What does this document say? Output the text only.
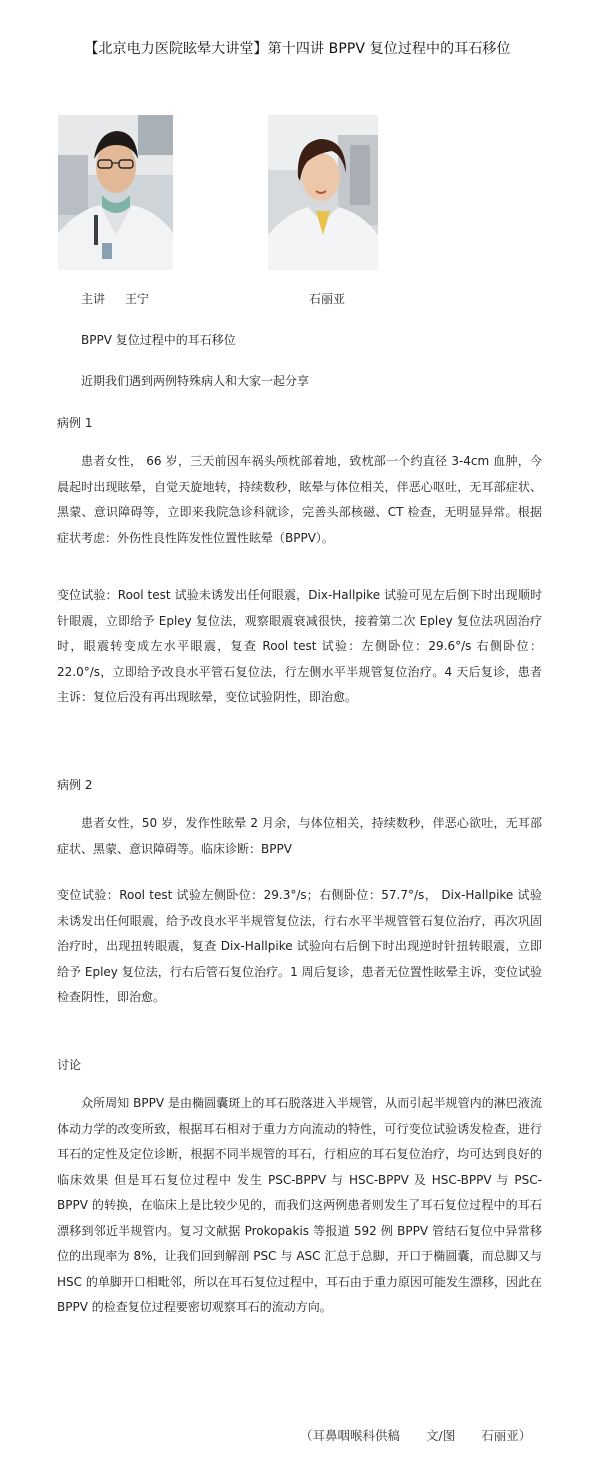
【北京电力医院眩晕大讲堂】第十四讲 BPPV 复位过程中的耳石移位
主讲 王宁	石丽亚
BPPV 复位过程中的耳石移位
近期我们遇到两例特殊病人和大家一起分享
病例 1
患者女性， 66 岁，三天前因车祸头颅枕部着地，致枕部一个约直径 3-4cm 血肿，今晨起时出现眩晕，自觉天旋地转，持续数秒，眩晕与体位相关，伴恶心呕吐，无耳部症状、黑蒙、意识障碍等，立即来我院急诊科就诊，完善头部核磁、CT 检查，无明显异常。根据症状考虑：外伤性良性阵发性位置性眩晕（BPPV）。
变位试验：Rool test 试验未诱发出任何眼震，Dix-Hallpike 试验可见左后倒下时出现顺时针眼震，立即给予 Epley 复位法，观察眼震衰减很快，接着第二次 Epley 复位法巩固治疗时，眼震转变成左水平眼震，复查 Rool test 试验：左侧卧位：29.6°/s 右侧卧位：22.0°/s，立即给予改良水平管石复位法，行左侧水平半规管复位治疗。4 天后复诊，患者主诉：复位后没有再出现眩晕，变位试验阴性，即治愈。
病例 2
患者女性，50 岁，发作性眩晕 2 月余，与体位相关，持续数秒，伴恶心欲吐，无耳部症状、黑蒙、意识障碍等。临床诊断：BPPV
变位试验：Rool test 试验左侧卧位：29.3°/s；右侧卧位：57.7°/s， Dix-Hallpike 试验未诱发出任何眼震，给予改良水平半规管复位法，行右水平半规管管石复位治疗，再次巩固治疗时，出现扭转眼震，复查 Dix-Hallpike 试验向右后倒下时出现逆时针扭转眼震，立即给予 Epley 复位法，行右后管石复位治疗。1 周后复诊，患者无位置性眩晕主诉，变位试验检查阴性，即治愈。
讨论
众所周知 BPPV 是由椭圆囊斑上的耳石脱落进入半规管，从而引起半规管内的淋巴液流体动力学的改变所致，根据耳石相对于重力方向流动的特性，可行变位试验诱发检查，进行耳石的定性及定位诊断，根据不同半规管的耳石，行相应的耳石复位治疗，均可达到良好的临床效果 但是耳石复位过程中 发生 PSC-BPPV 与 HSC-BPPV 及 HSC-BPPV 与 PSC-BPPV 的转换，在临床上是比较少见的，而我们这两例患者则发生了耳石复位过程中的耳石漂移到邻近半规管内。复习文献据 Prokopakis 等报道 592 例 BPPV 管结石复位中异常移位的出现率为 8%，让我们回到解剖 PSC 与 ASC 汇总于总脚，开口于椭圆囊，而总脚又与 HSC 的单脚开口相毗邻，所以在耳石复位过程中，耳石由于重力原因可能发生漂移，因此在 BPPV 的检查复位过程要密切观察耳石的流动方向。
（耳鼻咽喉科供稿 文/图 石丽亚）
